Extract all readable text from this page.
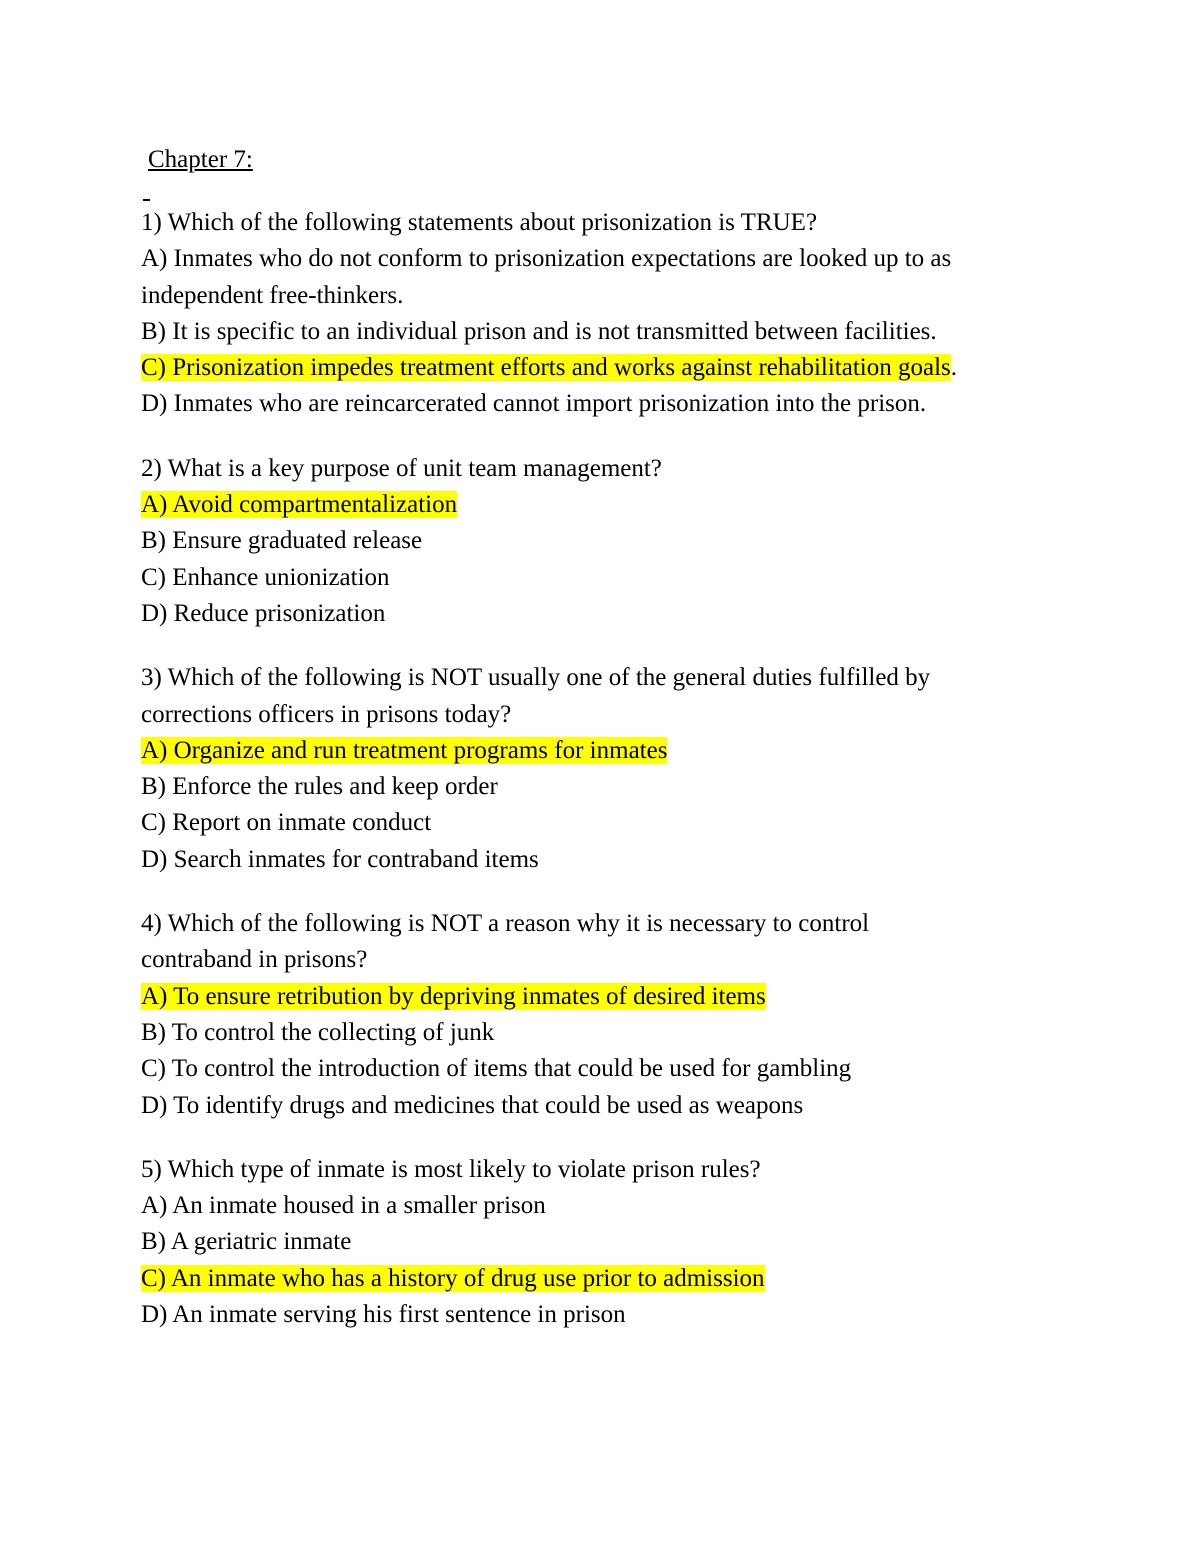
Chapter 7:
1) Which of the following statements about prisonization is TRUE?
A) Inmates who do not conform to prisonization expectations are looked up to as independent free-thinkers.
B) It is specific to an individual prison and is not transmitted between facilities.
C) Prisonization impedes treatment efforts and works against rehabilitation goals.
D) Inmates who are reincarcerated cannot import prisonization into the prison.
2) What is a key purpose of unit team management?
A) Avoid compartmentalization
B) Ensure graduated release
C) Enhance unionization
D) Reduce prisonization
3) Which of the following is NOT usually one of the general duties fulfilled by corrections officers in prisons today?
A) Organize and run treatment programs for inmates
B) Enforce the rules and keep order
C) Report on inmate conduct
D) Search inmates for contraband items
4) Which of the following is NOT a reason why it is necessary to control contraband in prisons?
A) To ensure retribution by depriving inmates of desired items
B) To control the collecting of junk
C) To control the introduction of items that could be used for gambling
D) To identify drugs and medicines that could be used as weapons
5) Which type of inmate is most likely to violate prison rules?
A) An inmate housed in a smaller prison
B) A geriatric inmate
C) An inmate who has a history of drug use prior to admission
D) An inmate serving his first sentence in prison
